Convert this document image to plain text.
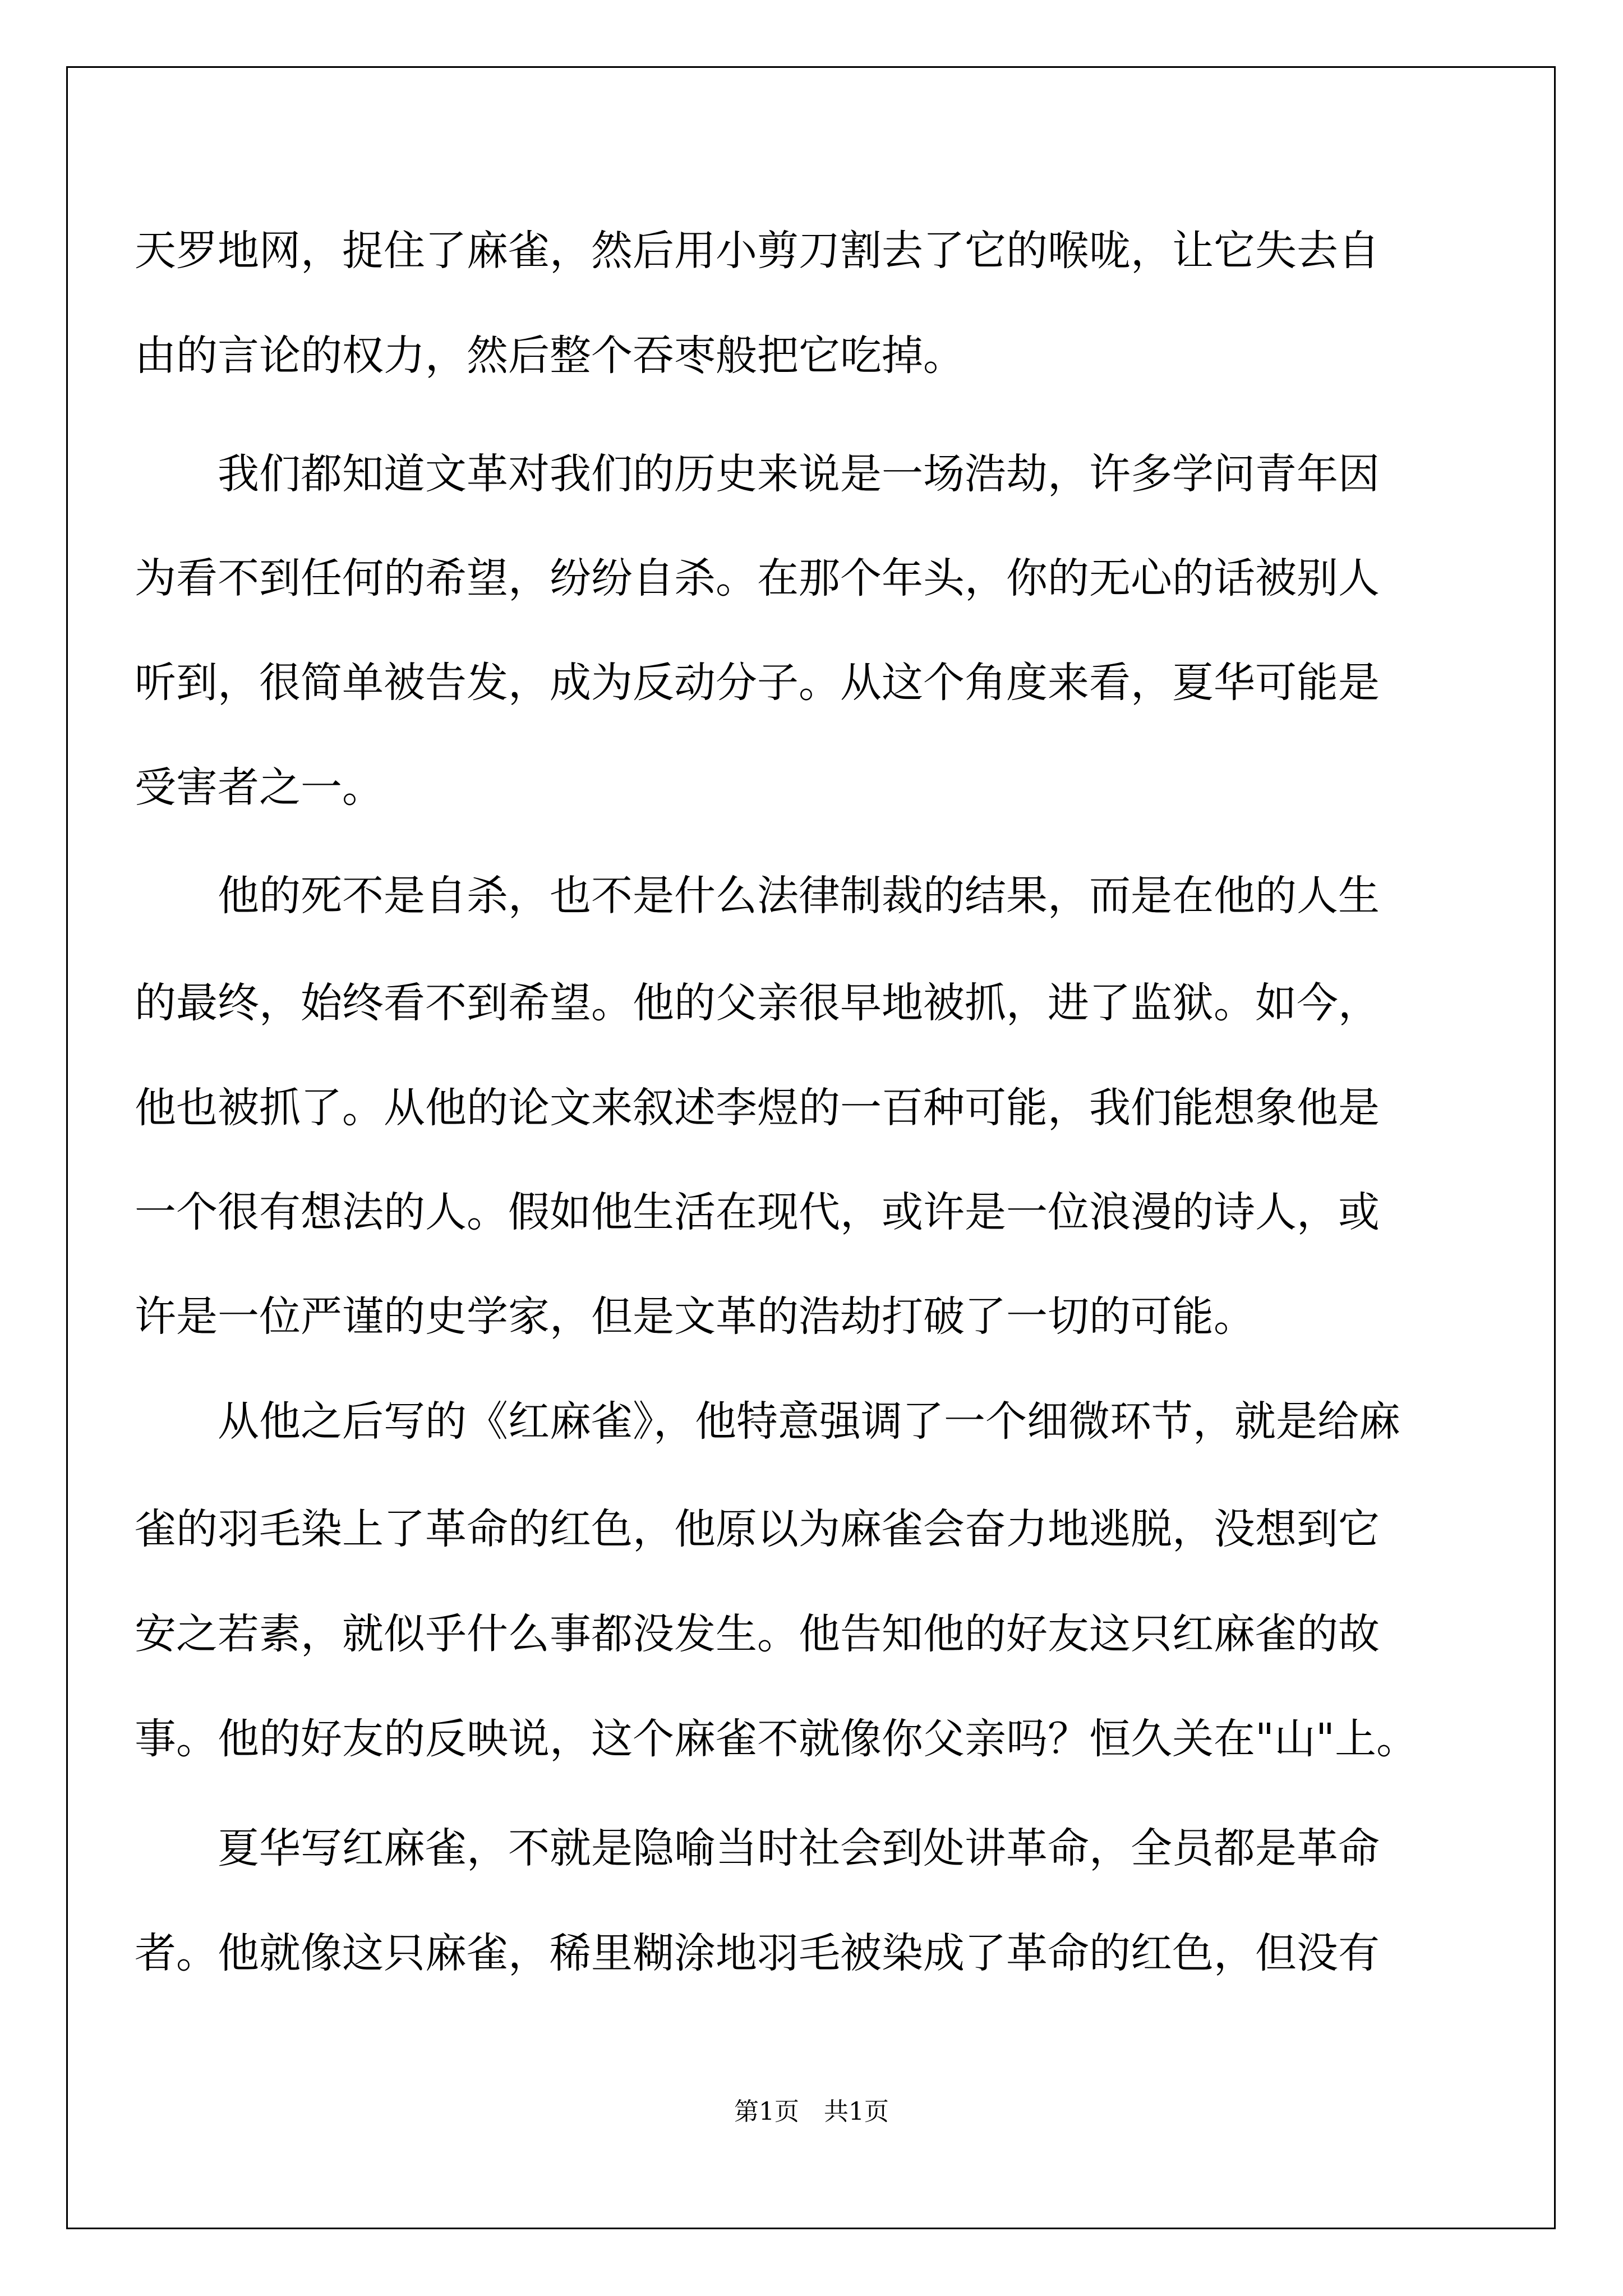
天罗地网，捉住了麻雀，然后用小剪刀割去了它的喉咙，让它失去自
由的言论的权力，然后整个吞枣般把它吃掉。
我们都知道文革对我们的历史来说是一场浩劫，许多学问青年因
为看不到任何的希望，纷纷自杀。在那个年头，你的无心的话被别人
听到，很简单被告发，成为反动分子。从这个角度来看，夏华可能是
受害者之一。
他的死不是自杀，也不是什么法律制裁的结果，而是在他的人生
的最终，始终看不到希望。他的父亲很早地被抓，进了监狱。如今，
他也被抓了。从他的论文来叙述李煜的一百种可能，我们能想象他是
一个很有想法的人。假如他生活在现代，或许是一位浪漫的诗人，或
许是一位严谨的史学家，但是文革的浩劫打破了一切的可能。
从他之后写的《红麻雀》，他特意强调了一个细微环节，就是给麻
雀的羽毛染上了革命的红色，他原以为麻雀会奋力地逃脱，没想到它
安之若素，就似乎什么事都没发生。他告知他的好友这只红麻雀的故
事。他的好友的反映说，这个麻雀不就像你父亲吗？恒久关在"山"上。
夏华写红麻雀，不就是隐喻当时社会到处讲革命，全员都是革命
者。他就像这只麻雀，稀里糊涂地羽毛被染成了革命的红色，但没有
第1页　共1页
